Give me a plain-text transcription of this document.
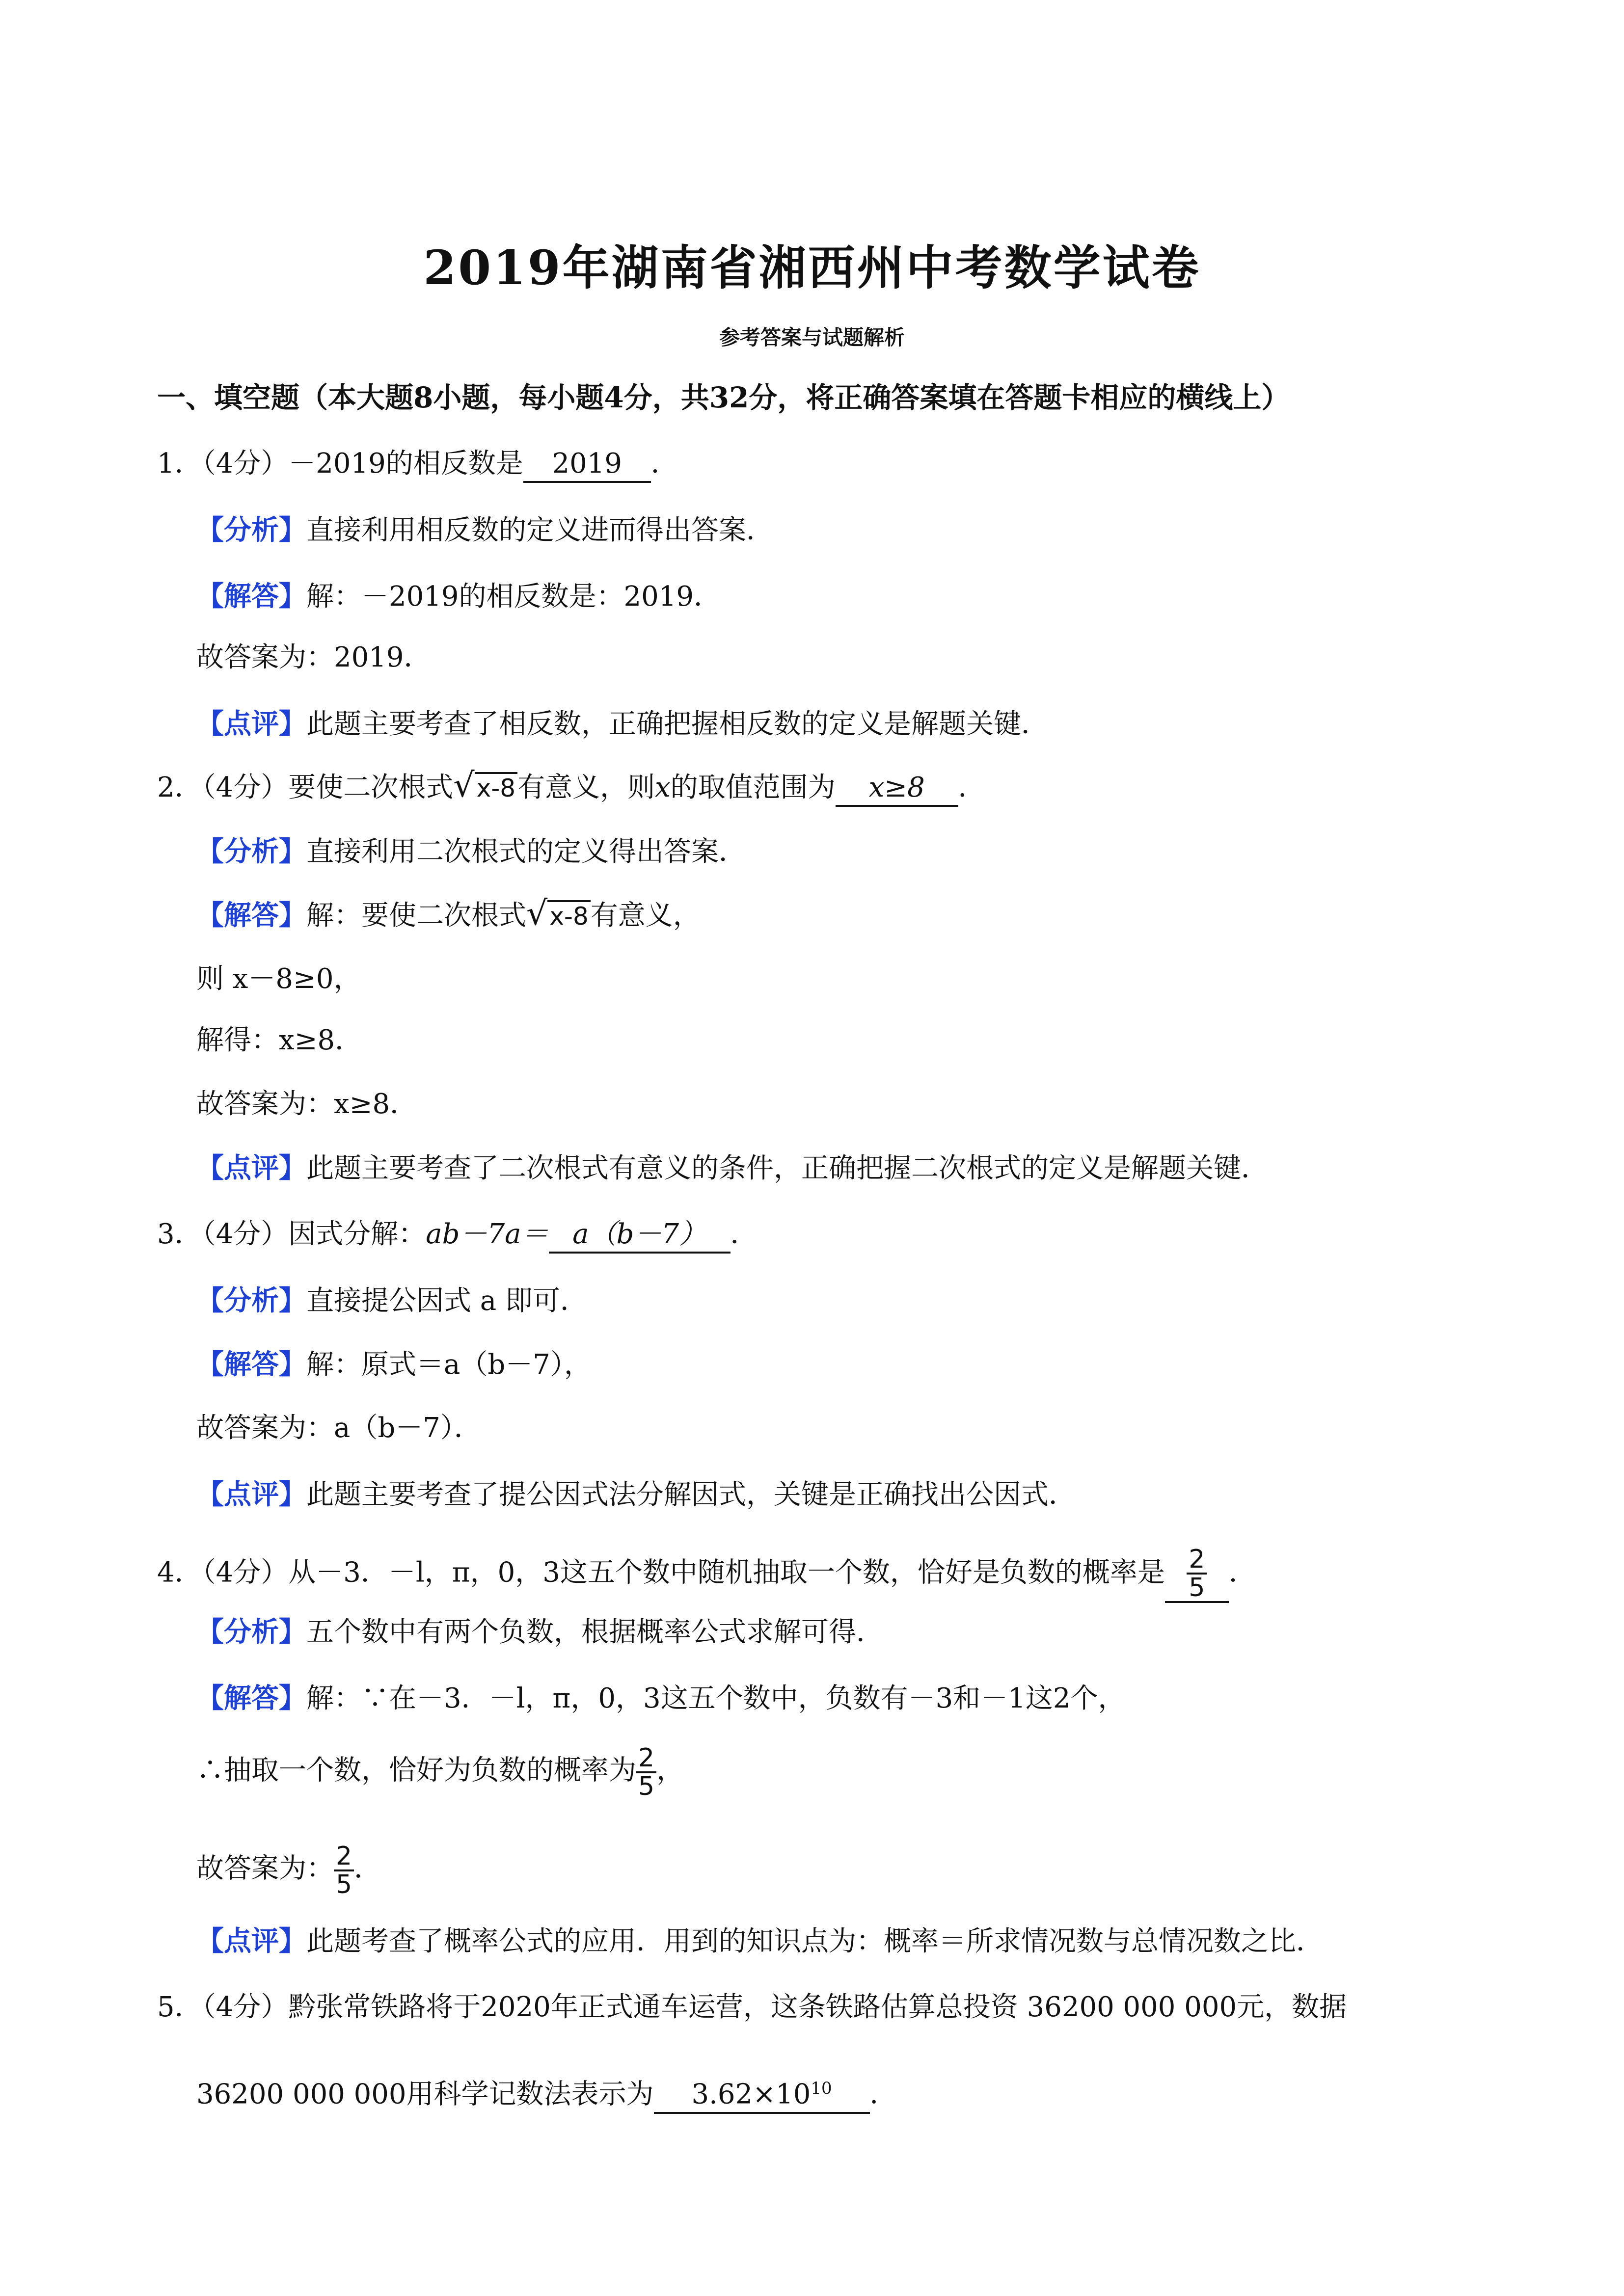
2019年湖南省湘西州中考数学试卷
参考答案与试题解析
一、填空题（本大题8小题，每小题4分，共32分，将正确答案填在答题卡相应的横线上）
1．（4分）－2019的相反数是 2019 ．
【分析】直接利用相反数的定义进而得出答案．
【解答】解：－2019的相反数是：2019．
故答案为：2019．
【点评】此题主要考查了相反数，正确把握相反数的定义是解题关键．
2．（4分）要使二次根式√x-8有意义，则x的取值范围为 x≥8 ．
【分析】直接利用二次根式的定义得出答案．
【解答】解：要使二次根式√x-8有意义，
则 x－8≥0，
解得：x≥8．
故答案为：x≥8．
【点评】此题主要考查了二次根式有意义的条件，正确把握二次根式的定义是解题关键．
3．（4分）因式分解：ab－7a＝ a（b－7） ．
【分析】直接提公因式 a 即可．
【解答】解：原式＝a（b－7），
故答案为：a（b－7）．
【点评】此题主要考查了提公因式法分解因式，关键是正确找出公因式．
4．（4分）从－3．－l，π，0，3这五个数中随机抽取一个数，恰好是负数的概率是 $\frac{2}{5}$ ．
【分析】五个数中有两个负数，根据概率公式求解可得．
【解答】解：∵在－3．－l，π，0，3这五个数中，负数有－3和－1这2个，
∴抽取一个数，恰好为负数的概率为 $\frac{2}{5}$ ，
故答案为： $\frac{2}{5}$ ．
【点评】此题考查了概率公式的应用．用到的知识点为：概率＝所求情况数与总情况数之比．
5．（4分）黔张常铁路将于2020年正式通车运营，这条铁路估算总投资 36200 000 000元，数据
36200 000 000用科学记数法表示为 $3.62\times 10^{10}$ ．
